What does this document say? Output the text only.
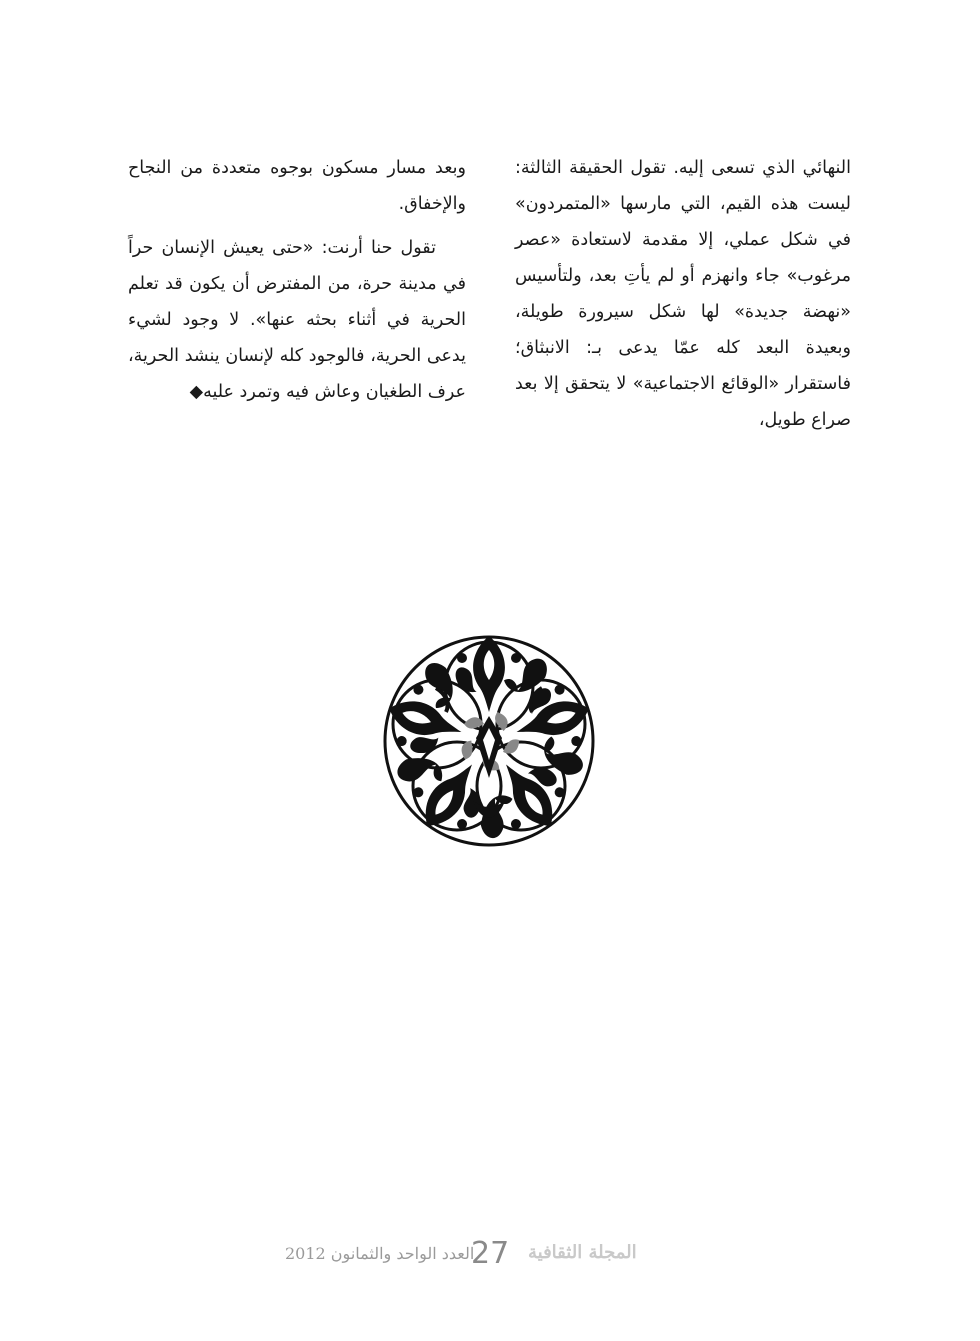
النهائي الذي تسعى إليه. تقول الحقيقة الثالثة: ليست هذه القيم، التي مارسها «المتمردون» في شكل عملي، إلا مقدمة لاستعادة «عصر مرغوب» جاء وانهزم أو لم يأتِ بعد، ولتأسيس «نهضة جديدة» لها شكل سيرورة طويلة، وبعيدة البعد كله عمّا يدعى بـ: الانبثاق؛ فاستقرار «الوقائع الاجتماعية» لا يتحقق إلا بعد صراع طويل،

وبعد مسار مسكون بوجوه متعددة من النجاح والإخفاق.

تقول حنا أرنت: «حتى يعيش الإنسان حراً في مدينة حرة، من المفترض أن يكون قد تعلم الحرية في أثناء بحثه عنها». لا وجود لشيء يدعى الحرية، فالوجود كله لإنسان ينشد الحرية، عرف الطغيان وعاش فيه وتمرد عليه◆

العدد الواحد والثمانون 2012
27 المجلة الثقافية
